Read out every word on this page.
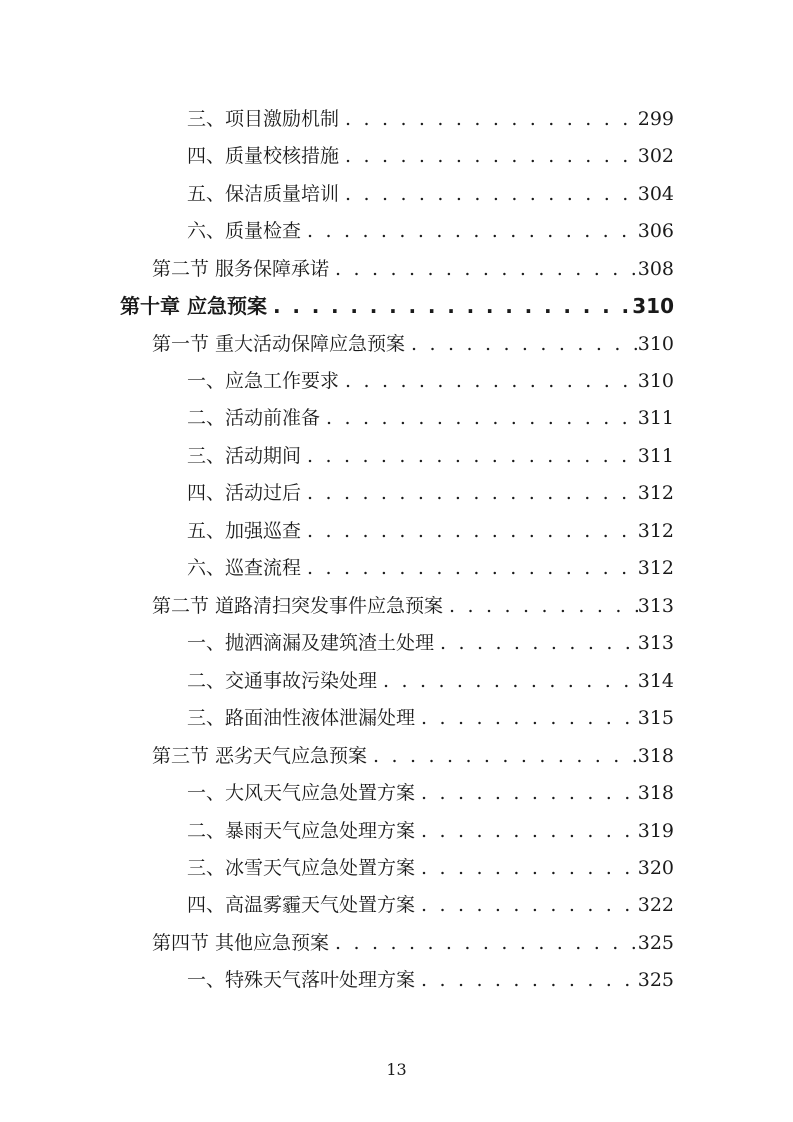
三、项目激励机制 . . .	299
四、质量校核措施 . . .	302
五、保洁质量培训 . . .	304
六、质量检查 . . .	306
第二节 服务保障承诺 . . .	308
第十章 应急预案 . . .	310
第一节 重大活动保障应急预案 . . .	310
一、应急工作要求 . . .	310
二、活动前准备 . . .	311
三、活动期间 . . .	311
四、活动过后 . . .	312
五、加强巡查 . . .	312
六、巡查流程 . . .	312
第二节 道路清扫突发事件应急预案 . . .	313
一、抛洒滴漏及建筑渣土处理 . . .	313
二、交通事故污染处理 . . .	314
三、路面油性液体泄漏处理 . . .	315
第三节 恶劣天气应急预案 . . .	318
一、大风天气应急处置方案 . . .	318
二、暴雨天气应急处理方案 . . .	319
三、冰雪天气应急处置方案 . . .	320
四、高温雾霾天气处置方案 . . .	322
第四节 其他应急预案 . . .	325
一、特殊天气落叶处理方案 . . .	325
13
